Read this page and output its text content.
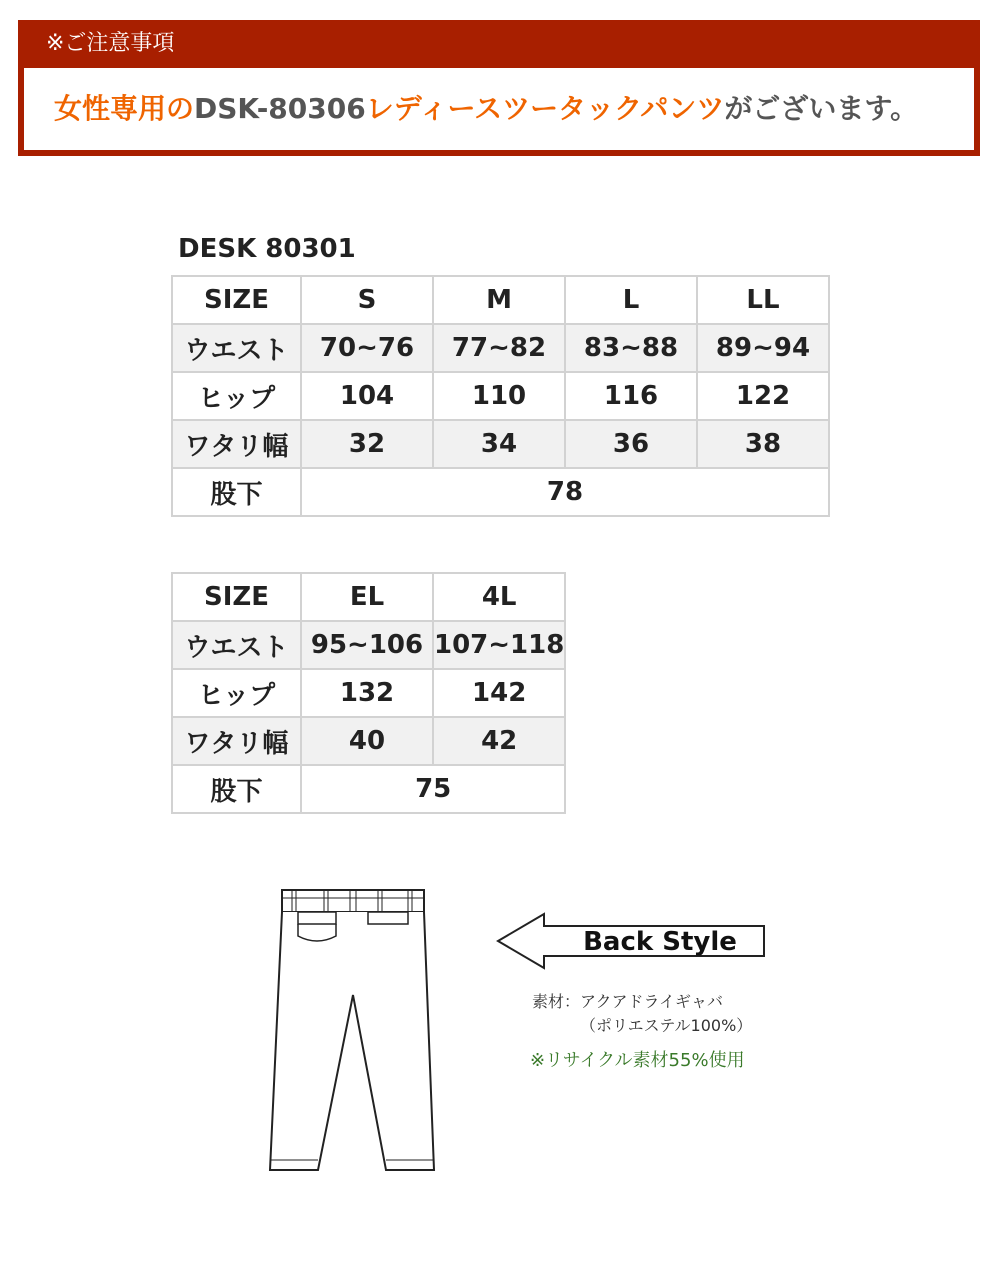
※ご注意事項
女性専用のDSK-80306レディースツータックパンツがございます。
DESK 80301
SIZE	S	M	L	LL
ウエスト	70~76	77~82	83~88	89~94
ヒップ	104	110	116	122
ワタリ幅	32	34	36	38
股下	78			
SIZE	EL	4L
ウエスト	95~106	107~118
ヒップ	132	142
ワタリ幅	40	42
股下	75	
Back Style
素材：アクアドライギャバ
（ポリエステル100%）
※リサイクル素材55%使用
